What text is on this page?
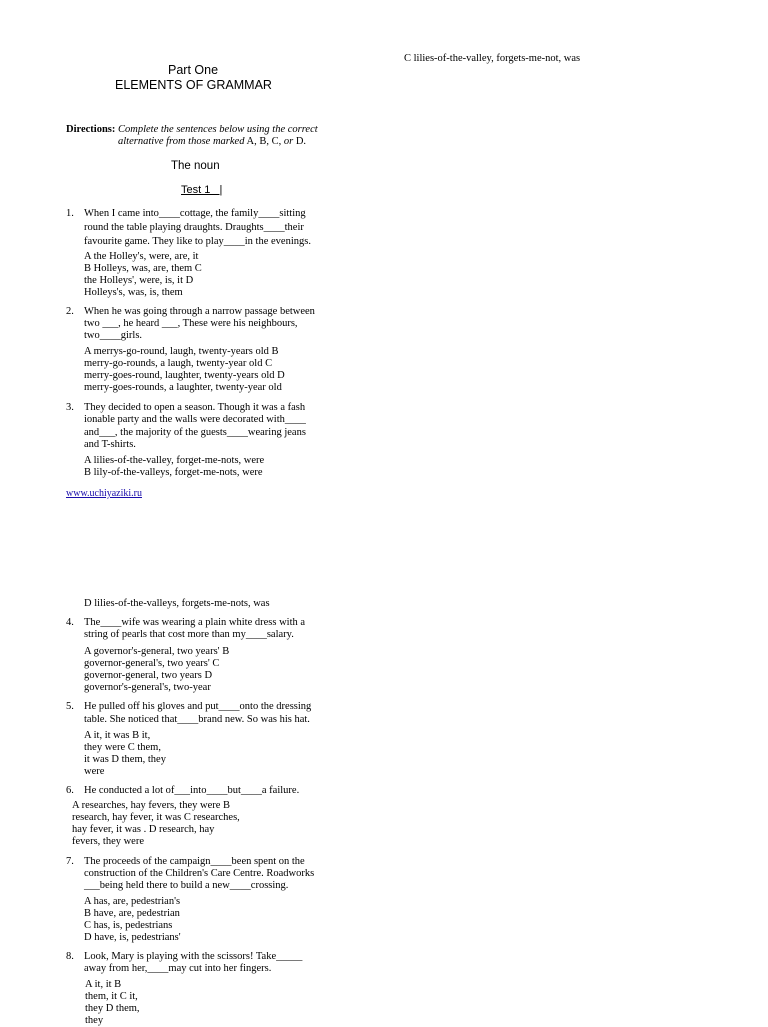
Part One
ELEMENTS OF GRAMMAR
C lilies-of-the-valley, forgets-me-not, was
Directions: Complete the sentences below using the correct
alternative from those marked A, B, C, or D.
The noun
Test 1   |
1. When I came into____cottage, the family____sitting
round the table playing draughts. Draughts____their
favourite game. They like to play____in the evenings.
A the Holley's, were, are, it
B Holleys, was, are, them C
the Holleys', were, is, it D
Holleys's, was, is, them
2. When he was going through a narrow passage between
two ___, he heard ___, These were his neighbours,
two____girls.
A merrys-go-round, laugh, twenty-years old B
merry-go-rounds, a laugh, twenty-year old C
merry-goes-round, laughter, twenty-years old D
merry-goes-rounds, a laughter, twenty-year old
3. They decided to open a season. Though it was a fash
ionable party and the walls were decorated with____
and___, the majority of the guests____wearing jeans
and T-shirts.
A lilies-of-the-valley, forget-me-nots, were
B lily-of-the-valleys, forget-me-nots, were
D lilies-of-the-valleys, forgets-me-nots, was
4. The____wife was wearing a plain white dress with a
string of pearls that cost more than my____salary.
A governor's-general, two years' B
governor-general's, two years' C
governor-general, two years D
governor's-general's, two-year
5. He pulled off his gloves and put____onto the dressing
table. She noticed that____brand new. So was his hat.
A it, it was B it,
they were C them,
it was D them, they
were
6. He conducted a lot of___into____but____a failure.
A researches, hay fevers, they were B
research, hay fever, it was C researches,
hay fever, it was . D research, hay
fevers, they were
7. The proceeds of the campaign____been spent on the
construction of the Children's Care Centre. Roadworks
___being held there to build a new____crossing.
A has, are, pedestrian's
B have, are, pedestrian
C has, is, pedestrians
D have, is, pedestrians'
8. Look, Mary is playing with the scissors! Take_____
away from her,____may cut into her fingers.
A it, it B
them, it C it,
they D them,
they
www.uchiyaziki.ru
